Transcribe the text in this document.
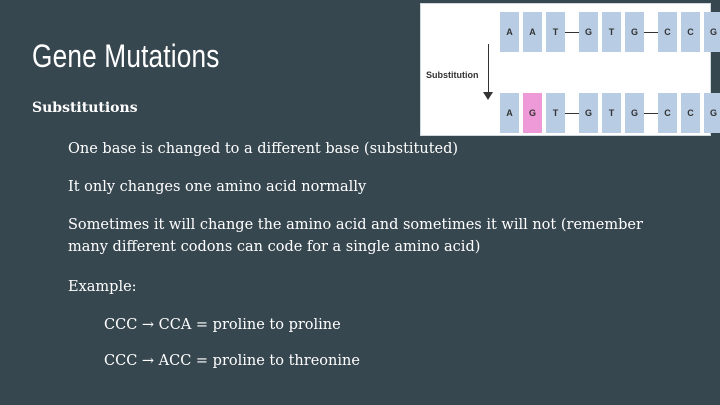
Gene Mutations
Substitutions
One base is changed to a different base (substituted)
It only changes one amino acid normally
Sometimes it will change the amino acid and sometimes it will not (remember many different codons can code for a single amino acid)
Example:
CCC → CCA = proline to proline
CCC → ACC = proline to threonine
A	A	T	G	T	G	C	C	G
Substitution
A	G	T	G	T	G	C	C	G
